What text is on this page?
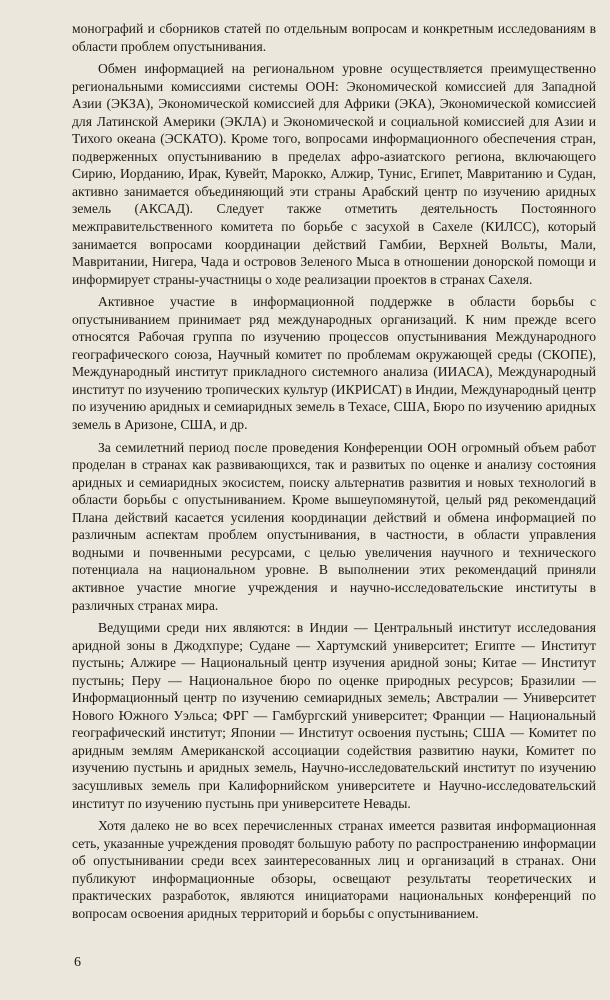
монографий и сборников статей по отдельным вопросам и конкретным исследованиям в области проблем опустынивания.

Обмен информацией на региональном уровне осуществляется преимущественно региональными комиссиями системы ООН: Экономической комиссией для Западной Азии (ЭКЗА), Экономической комиссией для Африки (ЭКА), Экономической комиссией для Латинской Америки (ЭКЛА) и Экономической и социальной комиссией для Азии и Тихого океана (ЭСКАТО). Кроме того, вопросами информационного обеспечения стран, подверженных опустыниванию в пределах афро-азиатского региона, включающего Сирию, Иорданию, Ирак, Кувейт, Марокко, Алжир, Тунис, Египет, Мавританию и Судан, активно занимается объединяющий эти страны Арабский центр по изучению аридных земель (АКСАД). Следует также отметить деятельность Постоянного межправительственного комитета по борьбе с засухой в Сахеле (КИЛСС), который занимается вопросами координации действий Гамбии, Верхней Вольты, Мали, Мавритании, Нигера, Чада и островов Зеленого Мыса в отношении донорской помощи и информирует страны-участницы о ходе реализации проектов в странах Сахеля.

Активное участие в информационной поддержке в области борьбы с опустыниванием принимает ряд международных организаций. К ним прежде всего относятся Рабочая группа по изучению процессов опустынивания Международного географического союза, Научный комитет по проблемам окружающей среды (СКОПЕ), Международный институт прикладного системного анализа (ИИАСА), Международный институт по изучению тропических культур (ИКРИСАТ) в Индии, Международный центр по изучению аридных и семиаридных земель в Техасе, США, Бюро по изучению аридных земель в Аризоне, США, и др.

За семилетний период после проведения Конференции ООН огромный объем работ проделан в странах как развивающихся, так и развитых по оценке и анализу состояния аридных и семиаридных экосистем, поиску альтернатив развития и новых технологий в области борьбы с опустыниванием. Кроме вышеупомянутой, целый ряд рекомендаций Плана действий касается усиления координации действий и обмена информацией по различным аспектам проблем опустынивания, в частности, в области управления водными и почвенными ресурсами, с целью увеличения научного и технического потенциала на национальном уровне. В выполнении этих рекомендаций приняли активное участие многие учреждения и научно-исследовательские институты в различных странах мира.

Ведущими среди них являются: в Индии — Центральный институт исследования аридной зоны в Джодхпуре; Судане — Хартумский университет; Египте — Институт пустынь; Алжире — Национальный центр изучения аридной зоны; Китае — Институт пустынь; Перу — Национальное бюро по оценке природных ресурсов; Бразилии — Информационный центр по изучению семиаридных земель; Австралии — Университет Нового Южного Уэльса; ФРГ — Гамбургский университет; Франции — Национальный географический институт; Японии — Институт освоения пустынь; США — Комитет по аридным землям Американской ассоциации содействия развитию науки, Комитет по изучению пустынь и аридных земель, Научно-исследовательский институт по изучению засушливых земель при Калифорнийском университете и Научно-исследовательский институт по изучению пустынь при университете Невады.

Хотя далеко не во всех перечисленных странах имеется развитая информационная сеть, указанные учреждения проводят большую работу по распространению информации об опустынивании среди всех заинтересованных лиц и организаций в странах. Они публикуют информационные обзоры, освещают результаты теоретических и практических разработок, являются инициаторами национальных конференций по вопросам освоения аридных территорий и борьбы с опустыниванием.

6
